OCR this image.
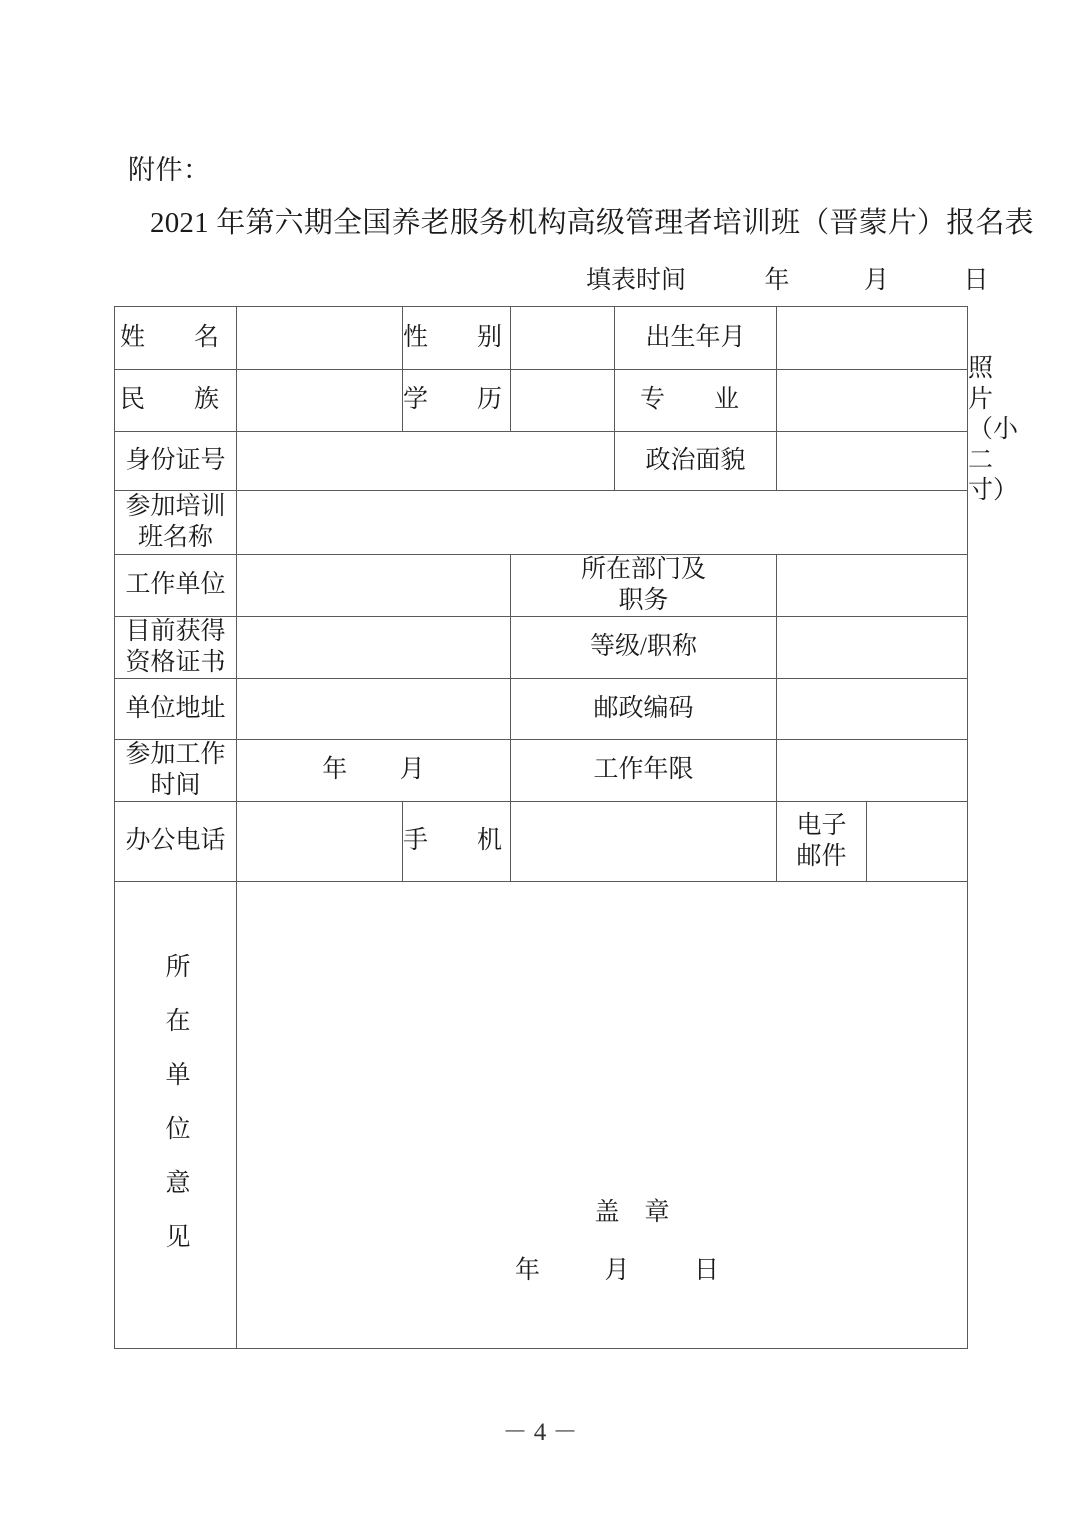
附件：
2021 年第六期全国养老服务机构高级管理者培训班（晋蒙片）报名表
填表时间	年	月	日
姓　名		性　别		出生年月			照片
（小二寸）

民　族		学　历		专　业			
身份证号				政治面貌			

参加培训
班名称							

工作单位			所在部门及
职务				

目前获得
资格证书			等级/职称				
单位地址			邮政编码				

参加工作
时间	年 月		工作年限				
办公电话		手　机			电子
邮件		

所在单位意见	盖　章
年 月 日						
－ 4 －
